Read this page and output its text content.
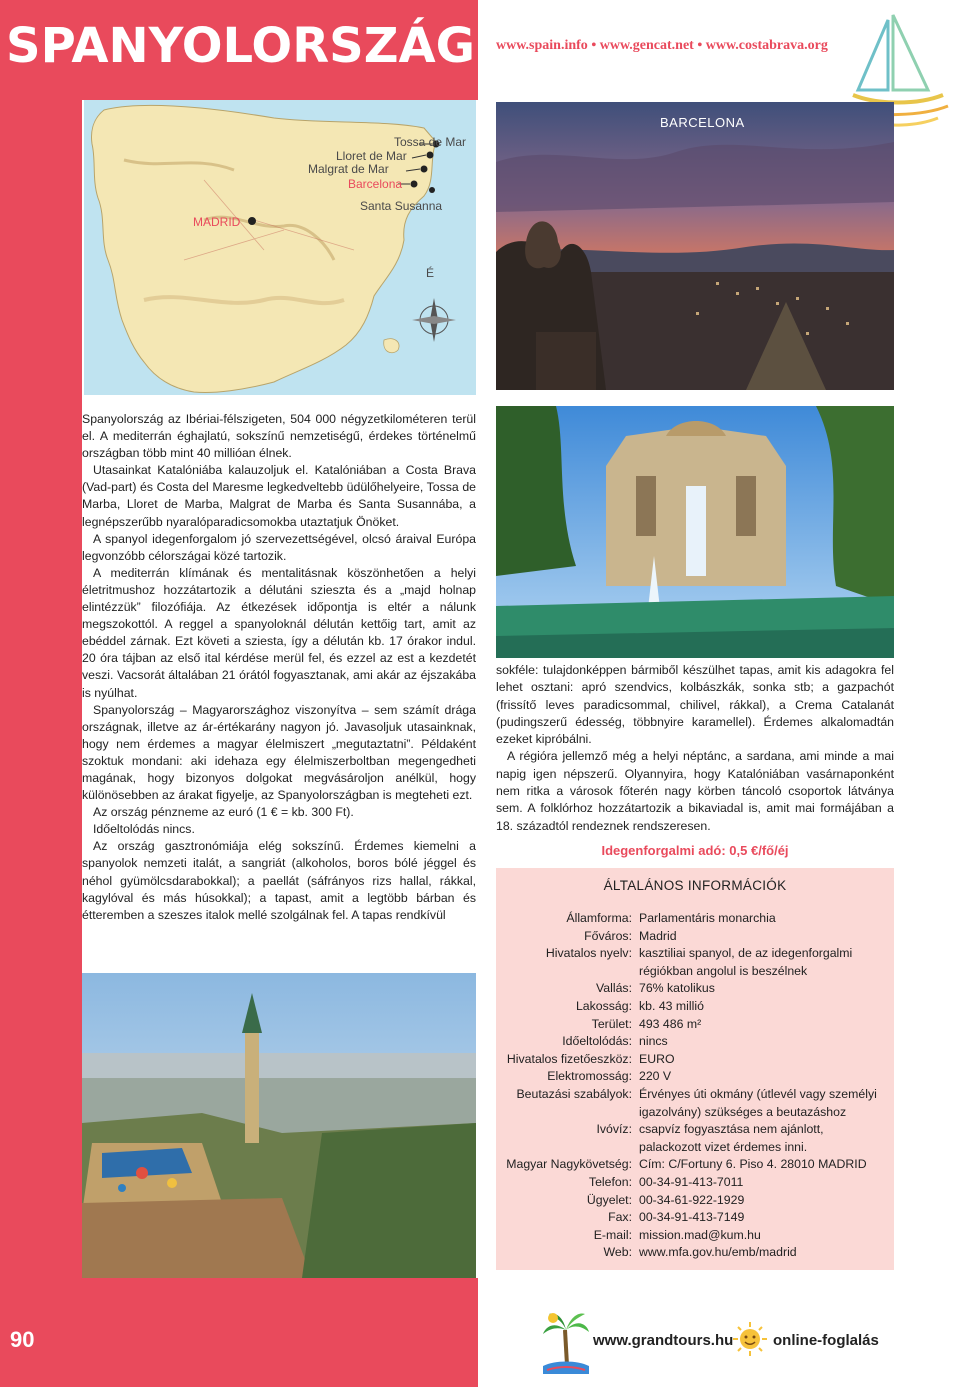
SPANYOLORSZÁG
90
Tossa de Mar
Lloret de Mar
Malgrat de Mar
Barcelona
Santa Susanna
MADRID
É

Spanyolország az Ibériai-félszigeten, 504 000 négyzetkilométeren terül el. A mediterrán éghajlatú, sokszínű nemzetiségű, érdekes történelmű országban több mint 40 millióan élnek.

Utasainkat Katalóniába kalauzoljuk el. Katalóniában a Costa Brava (Vad-part) és Costa del Maresme legkedveltebb üdülőhelyeire, Tossa de Marba, Lloret de Marba, Malgrat de Marba és Santa Susannába, a legnépszerűbb nyaralóparadicsomokba utaztatjuk Önöket.

A spanyol idegenforgalom jó szervezettségével, olcsó áraival Európa legvonzóbb célországai közé tartozik.

A mediterrán klímának és mentalitásnak köszönhetően a helyi életritmushoz hozzátartozik a délutáni szieszta és a „majd holnap elintézzük” filozófiája. Az étkezések időpontja is eltér a nálunk megszokottól. A reggel a spanyoloknál délután kettőig tart, amit az ebéddel zárnak. Ezt követi a sziesta, így a délután kb. 17 órakor indul. 20 óra tájban az első ital kérdése merül fel, és ezzel az est a kezdetét veszi. Vacsorát általában 21 órától fogyasztanak, ami akár az éjszakába is nyúlhat.

Spanyolország – Magyarországhoz viszonyítva – sem számít drága országnak, illetve az ár-értékarány nagyon jó. Javasoljuk utasainknak, hogy nem érdemes a magyar élelmiszert „megutaztatni”. Példaként szoktuk mondani: aki idehaza egy élelmiszerboltban megengedheti magának, hogy bizonyos dolgokat megvásároljon anélkül, hogy különösebben az árakat figyelje, az Spanyolországban is megteheti ezt.

Az ország pénzneme az euró (1 € = kb. 300 Ft).

Időeltolódás nincs.

Az ország gasztronómiája elég sokszínű. Érdemes kiemelni a spanyolok nemzeti italát, a sangriát (alkoholos, boros bólé jéggel és néhol gyümölcsdarabokkal); a paellát (sáfrányos rizs hallal, rákkal, kagylóval és más húsokkal); a tapast, amit a legtöbb bárban és étteremben a szeszes italok mellé szolgálnak fel. A tapas rendkívül

www.spain.info • www.gencat.net • www.costabrava.org
BARCELONA

sokféle: tulajdonképpen bármiből készülhet tapas, amit kis adagokra fel lehet osztani: apró szendvics, kolbászkák, sonka stb; a gazpachót (frissítő leves paradicsommal, chilivel, rákkal), a Crema Catalanát (pudingszerű édesség, többnyire karamellel). Érdemes alkalomadtán ezeket kipróbálni.

A régióra jellemző még a helyi néptánc, a sardana, ami minde a mai napig igen népszerű. Olyannyira, hogy Katalóniában vasárnaponként nem ritka a városok főterén nagy körben táncoló csoportok látványa sem. A folklórhoz hozzátartozik a bikaviadal is, amit mai formájában a 18. századtól rendeznek rendszeresen.

Idegenforgalmi adó: 0,5 €/fő/éj
ÁLTALÁNOS INFORMÁCIÓK
Államforma: Parlamentáris monarchia
Főváros: Madrid
Hivatalos nyelv: kasztiliai spanyol, de az idegenforgalmi régiókban angolul is beszélnek
Vallás: 76% katolikus
Lakosság: kb. 43 millió
Terület: 493 486 m²
Időeltolódás: nincs
Hivatalos fizetőeszköz: EURO
Elektromosság: 220 V
Beutazási szabályok: Érvényes úti okmány (útlevél vagy személyi igazolvány) szükséges a beutazáshoz
Ivóvíz: csapvíz fogyasztása nem ajánlott, palackozott vizet érdemes inni.
Magyar Nagykövetség: Cím: C/Fortuny 6. Piso 4. 28010 MADRID
Telefon: 00-34-91-413-7011
Ügyelet: 00-34-61-922-1929
Fax: 00-34-91-413-7149
E-mail: mission.mad@kum.hu
Web: www.mfa.gov.hu/emb/madrid
www.grandtours.hu	online-foglalás
